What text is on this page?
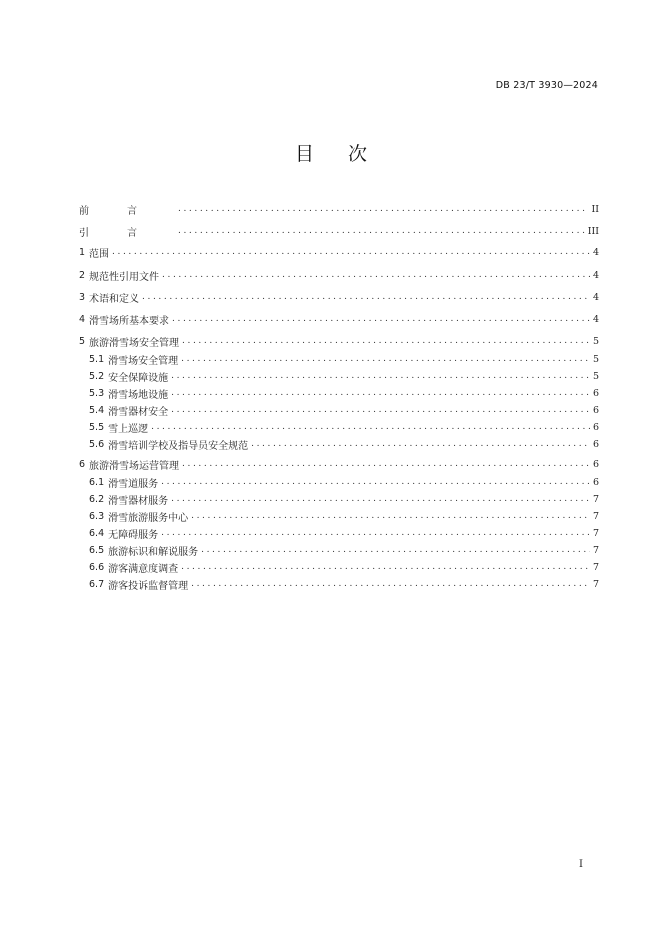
DB 23/T 3930—2024
目 次
前言 .....	II
引言 .....	III
1 范围 .....	4
2 规范性引用文件 .....	4
3 术语和定义 .....	4
4 滑雪场所基本要求 .....	4
5 旅游滑雪场安全管理 .....	5
5.1 滑雪场安全管理 .....	5
5.2 安全保障设施 .....	5
5.3 滑雪场地设施 .....	6
5.4 滑雪器材安全 .....	6
5.5 雪上巡逻 .....	6
5.6 滑雪培训学校及指导员安全规范 .....	6
6 旅游滑雪场运营管理 .....	6
6.1 滑雪道服务 .....	6
6.2 滑雪器材服务 .....	7
6.3 滑雪旅游服务中心 .....	7
6.4 无障碍服务 .....	7
6.5 旅游标识和解说服务 .....	7
6.6 游客满意度调查 .....	7
6.7 游客投诉监督管理 .....	7
I
